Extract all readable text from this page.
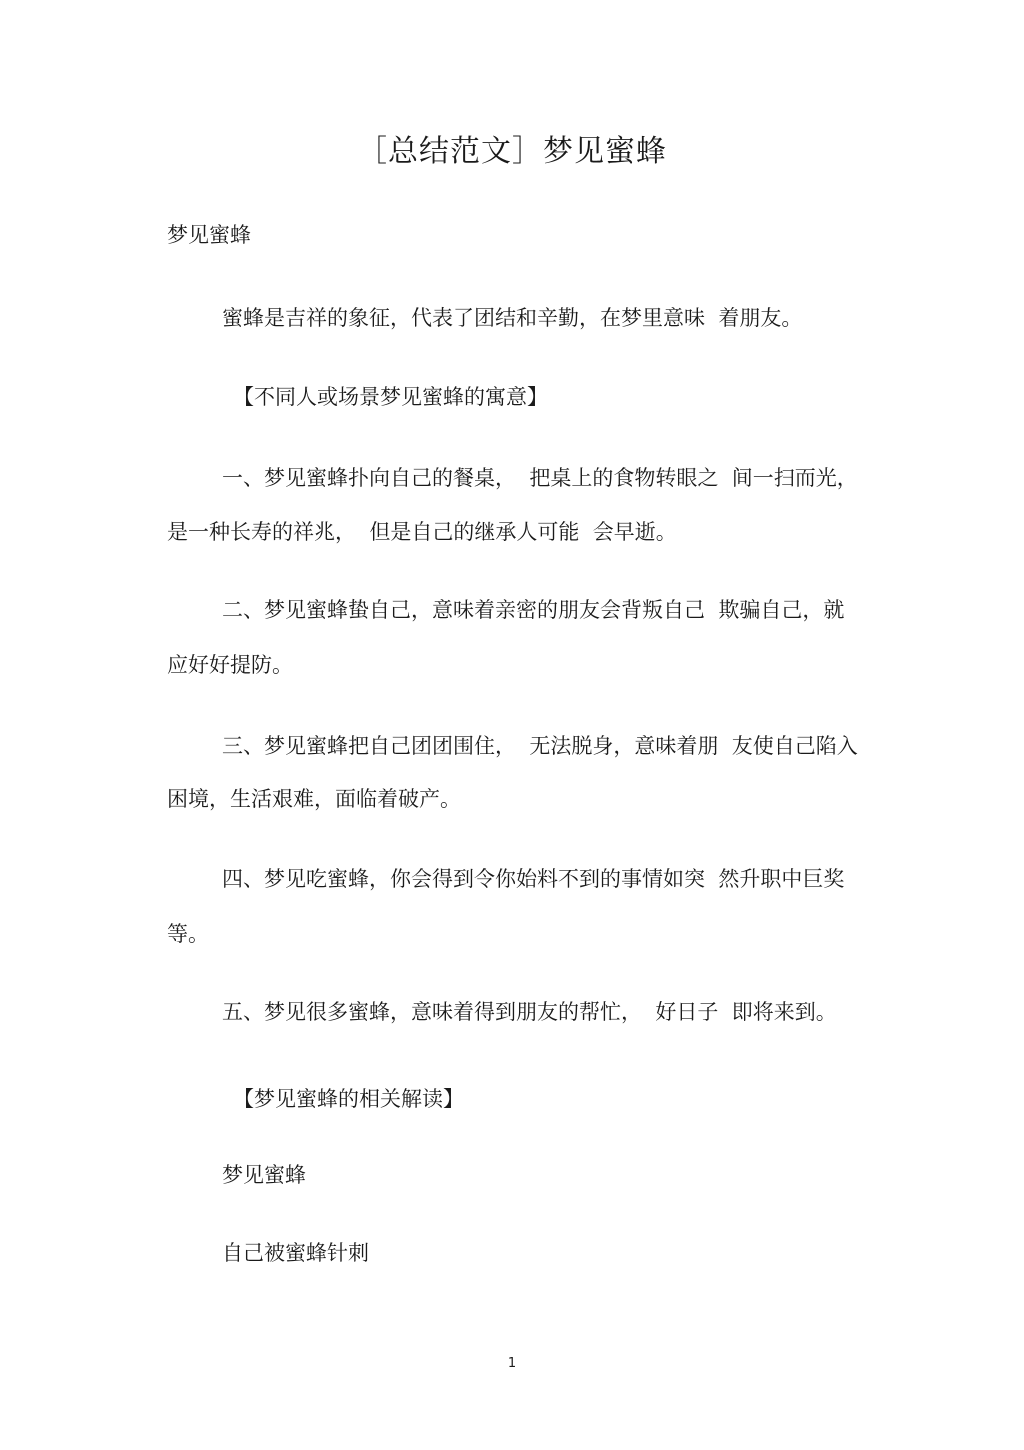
［总结范文］梦见蜜蜂

梦见蜜蜂

蜜蜂是吉祥的象征，代表了团结和辛勤，在梦里意味  着朋友。

【不同人或场景梦见蜜蜂的寓意】

一、梦见蜜蜂扑向自己的餐桌，  把桌上的食物转眼之  间一扫而光，

是一种长寿的祥兆，  但是自己的继承人可能  会早逝。

二、梦见蜜蜂蛰自己，意味着亲密的朋友会背叛自己  欺骗自己，就

应好好提防。

三、梦见蜜蜂把自己团团围住，  无法脱身，意味着朋  友使自己陷入

困境，生活艰难，面临着破产。

四、梦见吃蜜蜂，你会得到令你始料不到的事情如突  然升职中巨奖

等。

五、梦见很多蜜蜂，意味着得到朋友的帮忙，  好日子  即将来到。

【梦见蜜蜂的相关解读】

梦见蜜蜂

自己被蜜蜂针刺

1
